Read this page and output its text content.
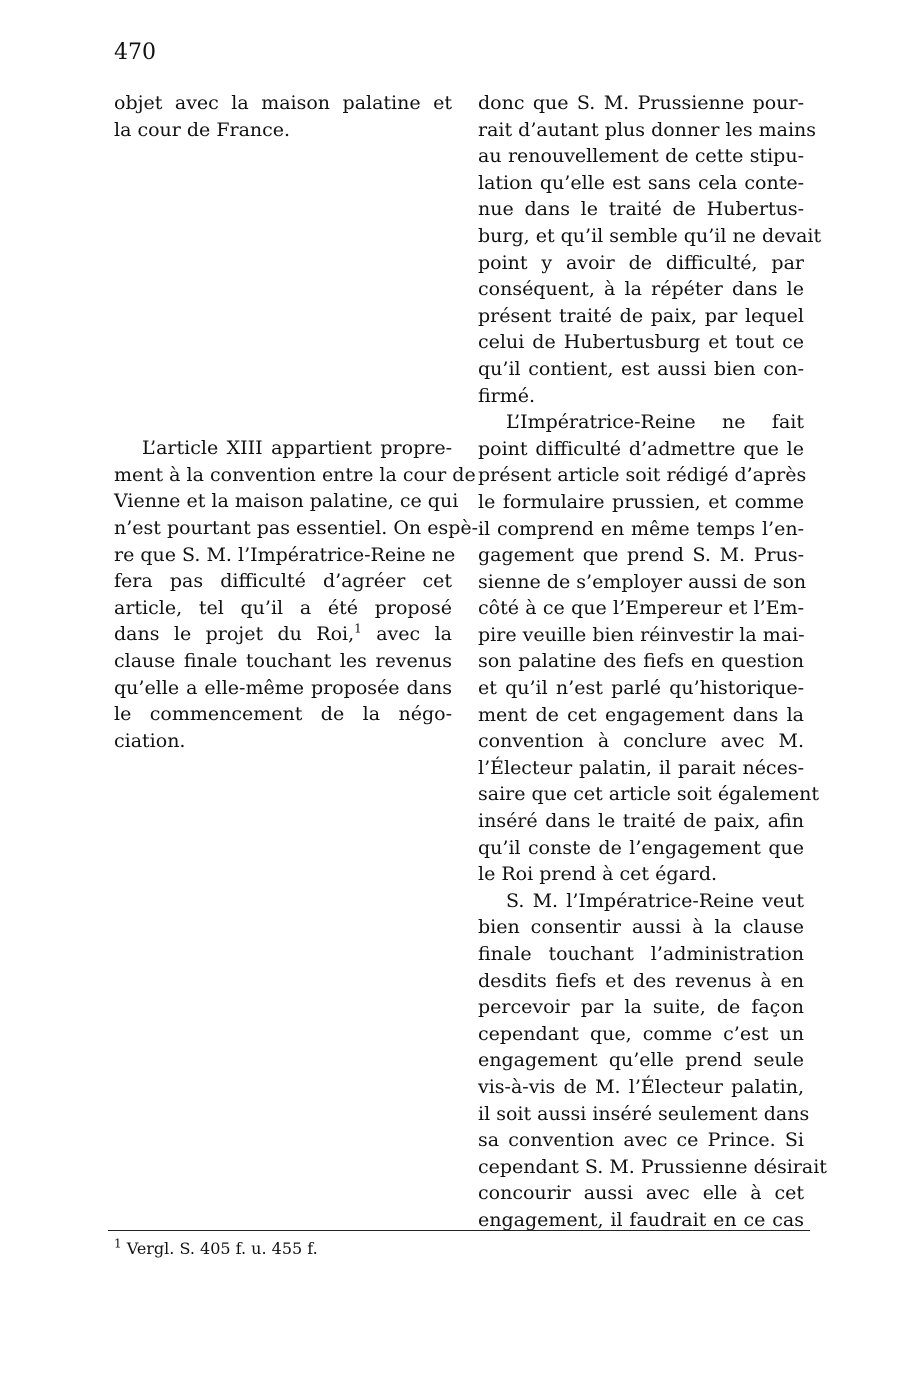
470
objet avec la maison palatine et
la cour de France.
L’article XIII appartient propre-
ment à la convention entre la cour de
Vienne et la maison palatine, ce qui
n’est pourtant pas essentiel. On espè-
re que S. M. l’Impératrice-Reine ne
fera pas difficulté d’agréer cet
article, tel qu’il a été proposé
dans le projet du Roi,$^1$ avec la
clause finale touchant les revenus
qu’elle a elle-même proposée dans
le commencement de la négo-
ciation.
donc que S. M. Prussienne pour-
rait d’autant plus donner les mains
au renouvellement de cette stipu-
lation qu’elle est sans cela conte-
nue dans le traité de Hubertus-
burg, et qu’il semble qu’il ne devait
point y avoir de difficulté, par
conséquent, à la répéter dans le
présent traité de paix, par lequel
celui de Hubertusburg et tout ce
qu’il contient, est aussi bien con-
firmé.
L’Impératrice-Reine ne fait
point difficulté d’admettre que le
présent article soit rédigé d’après
le formulaire prussien, et comme
il comprend en même temps l’en-
gagement que prend S. M. Prus-
sienne de s’employer aussi de son
côté à ce que l’Empereur et l’Em-
pire veuille bien réinvestir la mai-
son palatine des fiefs en question
et qu’il n’est parlé qu’historique-
ment de cet engagement dans la
convention à conclure avec M.
l’Électeur palatin, il parait néces-
saire que cet article soit également
inséré dans le traité de paix, afin
qu’il conste de l’engagement que
le Roi prend à cet égard.
S. M. l’Impératrice-Reine veut
bien consentir aussi à la clause
finale touchant l’administration
desdits fiefs et des revenus à en
percevoir par la suite, de façon
cependant que, comme c’est un
engagement qu’elle prend seule
vis-à-vis de M. l’Électeur palatin,
il soit aussi inséré seulement dans
sa convention avec ce Prince. Si
cependant S. M. Prussienne désirait
concourir aussi avec elle à cet
engagement, il faudrait en ce cas
$^1$ Vergl. S. 405 f. u. 455 f.
